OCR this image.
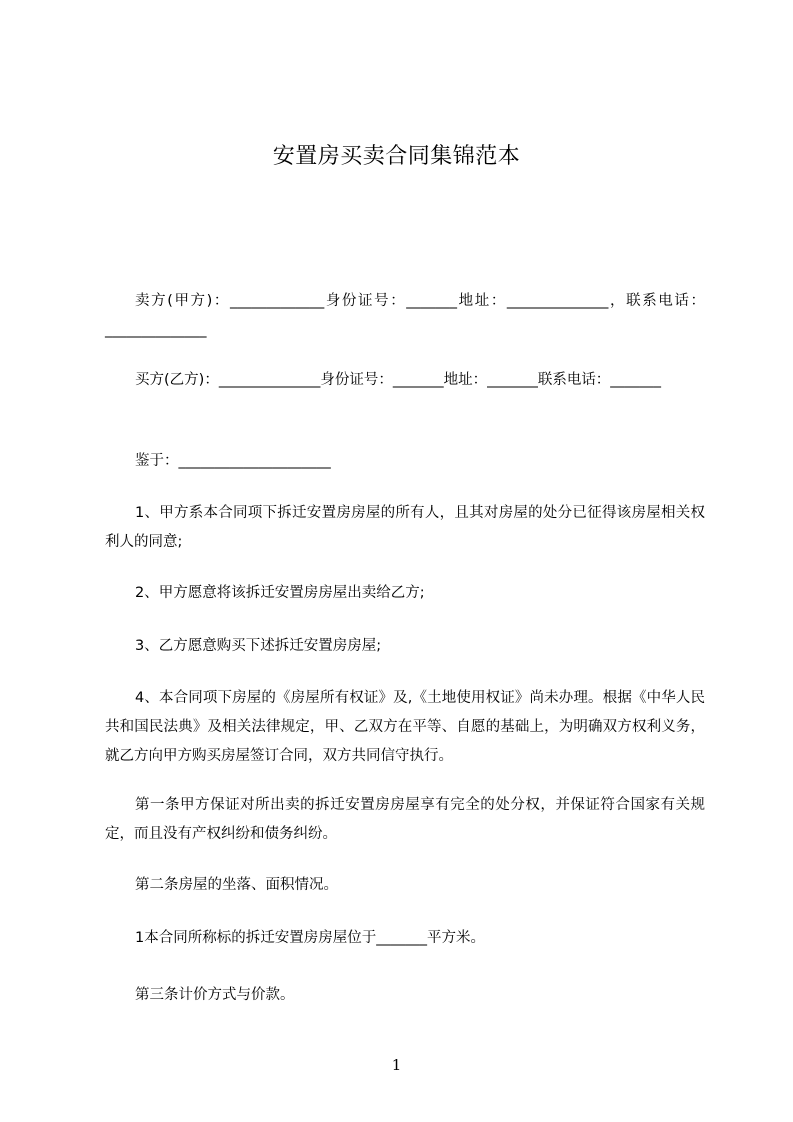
安置房买卖合同集锦范本

卖方(甲方)：_____________身份证号：_______地址：______________，联系电话：______________

买方(乙方)：______________身份证号：_______地址：_______联系电话：_______

鉴于：_____________________

1、甲方系本合同项下拆迁安置房房屋的所有人，且其对房屋的处分已征得该房屋相关权利人的同意;

2、甲方愿意将该拆迁安置房房屋出卖给乙方;

3、乙方愿意购买下述拆迁安置房房屋;

4、本合同项下房屋的《房屋所有权证》及,《土地使用权证》尚未办理。根据《中华人民共和国民法典》及相关法律规定，甲、乙双方在平等、自愿的基础上，为明确双方权利义务，就乙方向甲方购买房屋签订合同，双方共同信守执行。

第一条甲方保证对所出卖的拆迁安置房房屋享有完全的处分权，并保证符合国家有关规定，而且没有产权纠纷和债务纠纷。

第二条房屋的坐落、面积情况。

1本合同所称标的拆迁安置房房屋位于_______平方米。

第三条计价方式与价款。

1
